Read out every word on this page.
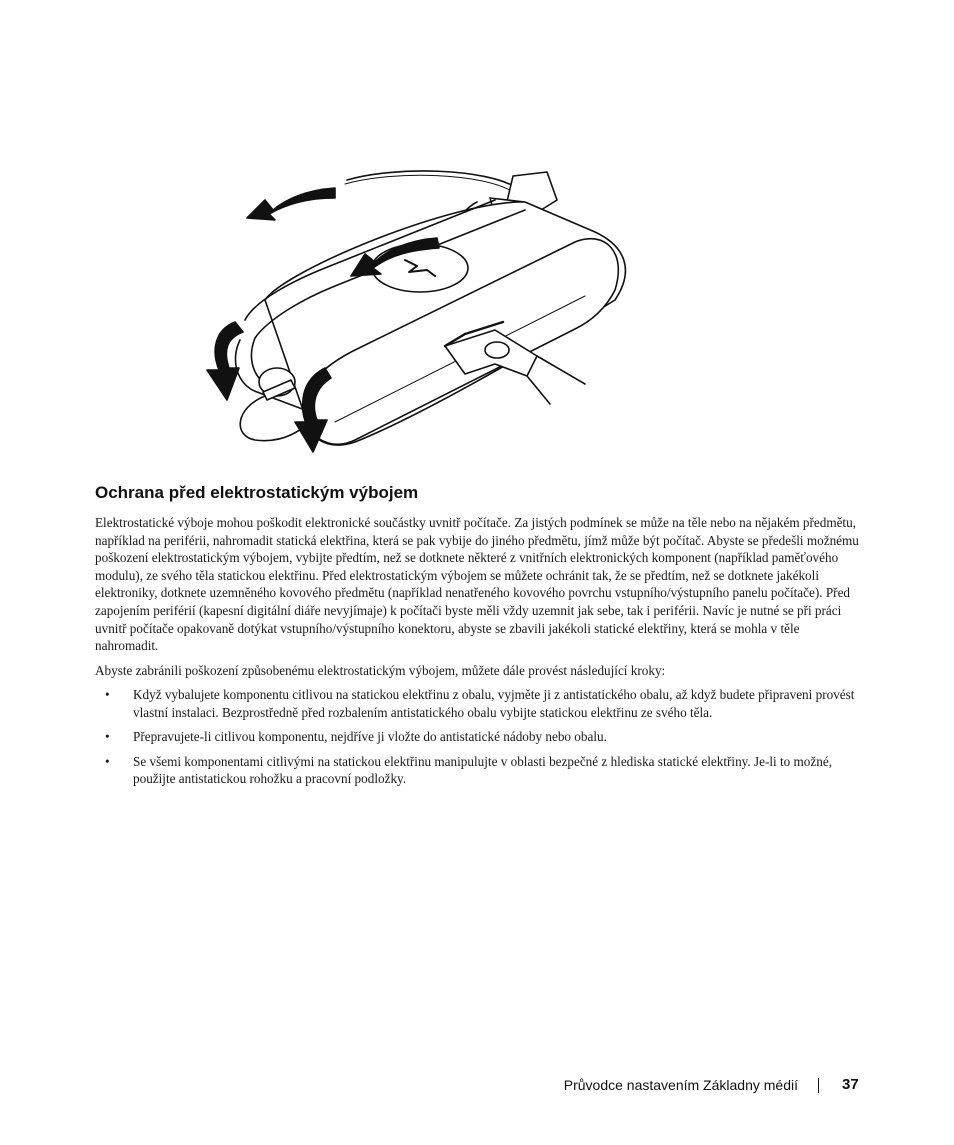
Ochrana před elektrostatickým výbojem

Elektrostatické výboje mohou poškodit elektronické součástky uvnitř počítače. Za jistých podmínek se může na těle nebo na nějakém předmětu, například na periférii, nahromadit statická elektřina, která se pak vybije do jiného předmětu, jímž může být počítač. Abyste se předešli možnému poškození elektrostatickým výbojem, vybijte předtím, než se dotknete některé z vnitřních elektronických komponent (například paměťového modulu), ze svého těla statickou elektřinu. Před elektrostatickým výbojem se můžete ochránit tak, že se předtím, než se dotknete jakékoli elektroniky, dotknete uzemněného kovového předmětu (například nenatřeného kovového povrchu vstupního/výstupního panelu počítače). Před zapojením periférií (kapesní digitální diáře nevyjímaje) k počítači byste měli vždy uzemnit jak sebe, tak i periférii. Navíc je nutné se při práci uvnitř počítače opakovaně dotýkat vstupního/výstupního konektoru, abyste se zbavili jakékoli statické elektřiny, která se mohla v těle nahromadit.

Abyste zabránili poškození způsobenému elektrostatickým výbojem, můžete dále provést následující kroky:

• Když vybalujete komponentu citlivou na statickou elektřinu z obalu, vyjměte ji z antistatického obalu, až když budete připraveni provést vlastní instalaci. Bezprostředně před rozbalením antistatického obalu vybijte statickou elektřinu ze svého těla.
• Přepravujete-li citlivou komponentu, nejdříve ji vložte do antistatické nádoby nebo obalu.
• Se všemi komponentami citlivými na statickou elektřinu manipulujte v oblasti bezpečné z hlediska statické elektřiny. Je-li to možné, použijte antistatickou rohožku a pracovní podložky.
Průvodce nastavením Základny médií	37
